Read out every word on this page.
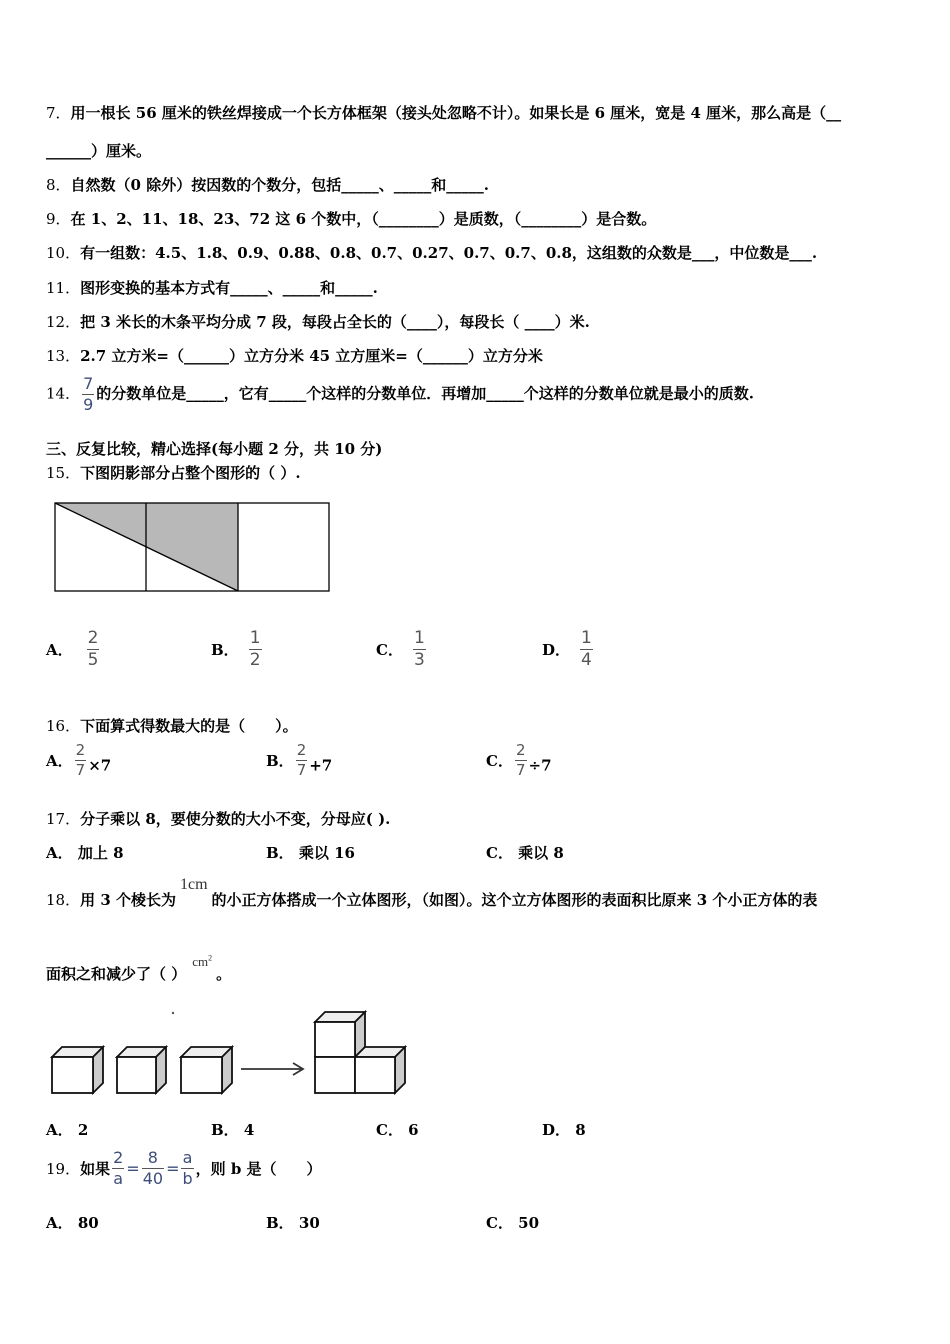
7．用一根长 56 厘米的铁丝焊接成一个长方体框架（接头处忽略不计）。如果长是 6 厘米，宽是 4 厘米，那么高是（__
______）厘米。
8．自然数（0 除外）按因数的个数分，包括_____、_____和_____.
9．在 1、2、11、18、23、72 这 6 个数中，（________）是质数，（________）是合数。
10．有一组数：4.5、1.8、0.9、0.88、0.8、0.7、0.27、0.7、0.7、0.8，这组数的众数是___，中位数是___.
11．图形变换的基本方式有_____、_____和_____.
12．把 3 米长的木条平均分成 7 段，每段占全长的（____），每段长（ ____）米.
13．2.7 立方米=（______）立方分米 45 立方厘米=（______）立方分米
14． $\frac{7}{9}$ 的分数单位是_____，它有_____个这样的分数单位．再增加_____个这样的分数单位就是最小的质数.
三、反复比较，精心选择(每小题 2 分，共 10 分)
15．下图阴影部分占整个图形的（ ）.
A． $\frac{2}{5}$	B． $\frac{1}{2}$	C． $\frac{1}{3}$	D． $\frac{1}{4}$
16．下面算式得数最大的是（　　）。
A． $\frac{2}{7} \times 7$	B． $\frac{2}{7} +7$	C． $\frac{2}{7} \div 7$
17．分子乘以 8，要使分数的大小不变，分母应( ).
A． 加上 8	B． 乘以 16	C． 乘以 8
18．用 3 个棱长为1cm的小正方体搭成一个立体图形，（如图）。这个立方体图形的表面积比原来 3 个小正方体的表
面积之和减少了（ ）$cm^2$。
A． 2	B． 4	C． 6	D． 8
19．如果 $\frac{2}{a} = \frac{8}{40} = \frac{a}{b}$ ，则 b 是（　　）
A． 80	B． 30	C． 50
